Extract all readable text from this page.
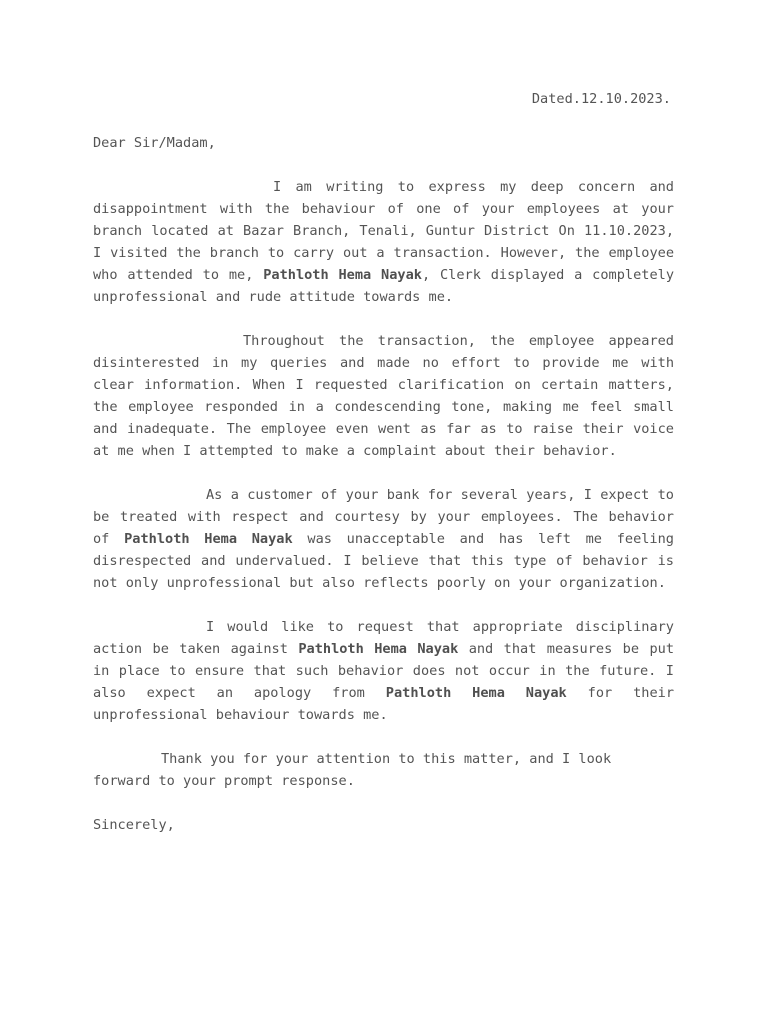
Dated.12.10.2023.
Dear Sir/Madam,
I am writing to express my deep concern and disappointment with the behaviour of one of your employees at your branch located at Bazar Branch, Tenali, Guntur District On 11.10.2023, I visited the branch to carry out a transaction. However, the employee who attended to me, Pathloth Hema Nayak, Clerk displayed a completely unprofessional and rude attitude towards me.
Throughout the transaction, the employee appeared disinterested in my queries and made no effort to provide me with clear information. When I requested clarification on certain matters, the employee responded in a condescending tone, making me feel small and inadequate. The employee even went as far as to raise their voice at me when I attempted to make a complaint about their behavior.
As a customer of your bank for several years, I expect to be treated with respect and courtesy by your employees. The behavior of Pathloth Hema Nayak was unacceptable and has left me feeling disrespected and undervalued. I believe that this type of behavior is not only unprofessional but also reflects poorly on your organization.
I would like to request that appropriate disciplinary action be taken against Pathloth Hema Nayak and that measures be put in place to ensure that such behavior does not occur in the future. I also expect an apology from Pathloth Hema Nayak for their unprofessional behaviour towards me.
Thank you for your attention to this matter, and I look forward to your prompt response.
Sincerely,
